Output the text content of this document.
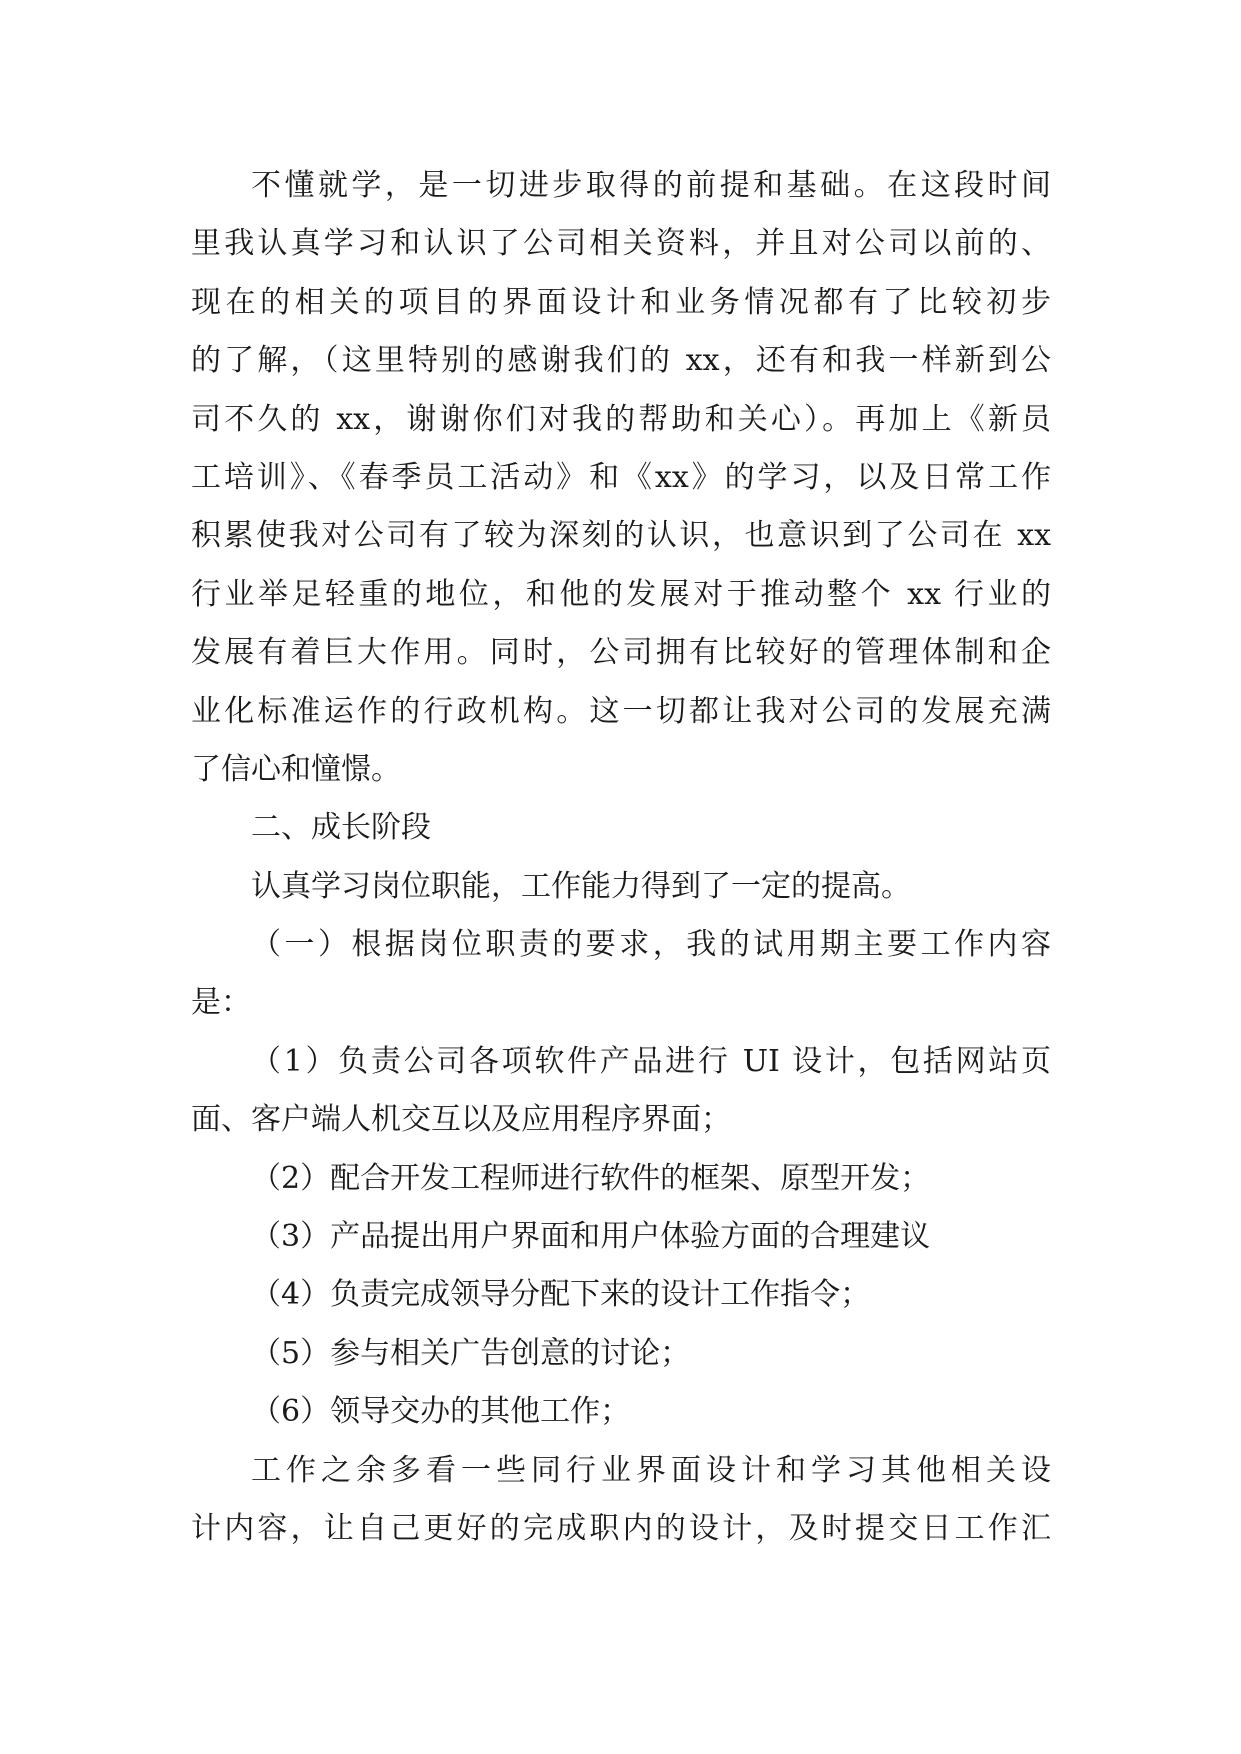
不懂就学，是一切进步取得的前提和基础。在这段时间
里我认真学习和认识了公司相关资料，并且对公司以前的、
现在的相关的项目的界面设计和业务情况都有了比较初步
的了解，（这里特别的感谢我们的 xx，还有和我一样新到公
司不久的 xx，谢谢你们对我的帮助和关心）。再加上《新员
工培训》、《春季员工活动》和《xx》的学习，以及日常工作
积累使我对公司有了较为深刻的认识，也意识到了公司在 xx
行业举足轻重的地位，和他的发展对于推动整个 xx 行业的
发展有着巨大作用。同时，公司拥有比较好的管理体制和企
业化标准运作的行政机构。这一切都让我对公司的发展充满
了信心和憧憬。
二、成长阶段
认真学习岗位职能，工作能力得到了一定的提高。
（一）根据岗位职责的要求，我的试用期主要工作内容
是：
（1）负责公司各项软件产品进行 UI 设计，包括网站页
面、客户端人机交互以及应用程序界面；
（2）配合开发工程师进行软件的框架、原型开发；
（3）产品提出用户界面和用户体验方面的合理建议
（4）负责完成领导分配下来的设计工作指令；
（5）参与相关广告创意的讨论；
（6）领导交办的其他工作；
工作之余多看一些同行业界面设计和学习其他相关设
计内容，让自己更好的完成职内的设计，及时提交日工作汇
